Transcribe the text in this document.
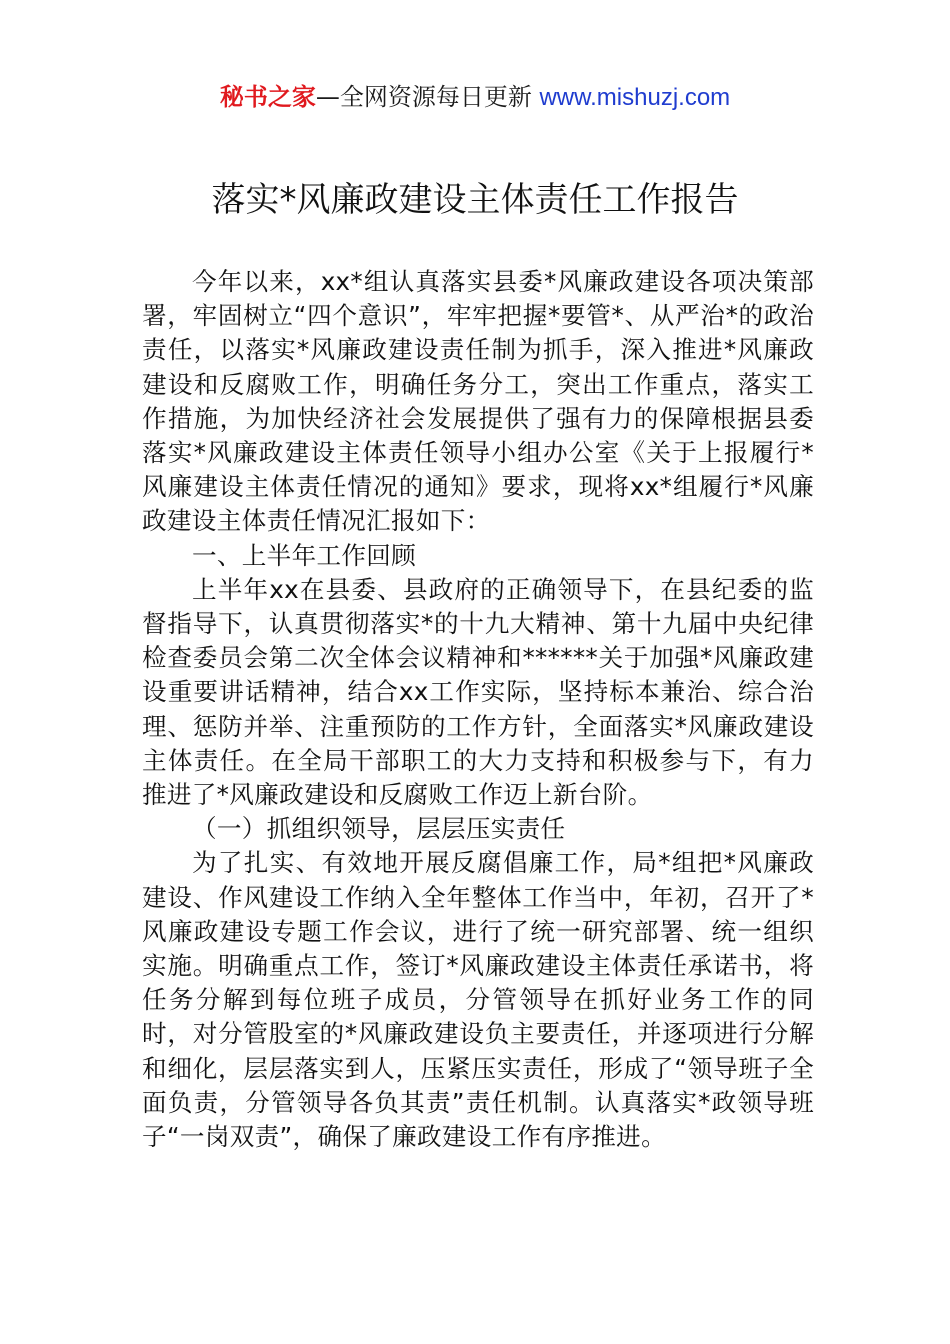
秘书之家—全网资源每日更新 www.mishuzj.com
落实*风廉政建设主体责任工作报告

今年以来，xx*组认真落实县委*风廉政建设各项决策部署，牢固树立“四个意识”，牢牢把握*要管*、从严治*的政治责任，以落实*风廉政建设责任制为抓手，深入推进*风廉政建设和反腐败工作，明确任务分工，突出工作重点，落实工作措施，为加快经济社会发展提供了强有力的保障根据县委落实*风廉政建设主体责任领导小组办公室《关于上报履行*风廉建设主体责任情况的通知》要求，现将xx*组履行*风廉政建设主体责任情况汇报如下：

一、上半年工作回顾

上半年xx在县委、县政府的正确领导下，在县纪委的监督指导下，认真贯彻落实*的十九大精神、第十九届中央纪律检查委员会第二次全体会议精神和******关于加强*风廉政建设重要讲话精神，结合xx工作实际，坚持标本兼治、综合治理、惩防并举、注重预防的工作方针，全面落实*风廉政建设主体责任。在全局干部职工的大力支持和积极参与下，有力推进了*风廉政建设和反腐败工作迈上新台阶。

（一）抓组织领导，层层压实责任

为了扎实、有效地开展反腐倡廉工作，局*组把*风廉政建设、作风建设工作纳入全年整体工作当中，年初，召开了*风廉政建设专题工作会议，进行了统一研究部署、统一组织实施。明确重点工作，签订*风廉政建设主体责任承诺书，将任务分解到每位班子成员，分管领导在抓好业务工作的同时，对分管股室的*风廉政建设负主要责任，并逐项进行分解和细化，层层落实到人，压紧压实责任，形成了“领导班子全面负责，分管领导各负其责”责任机制。认真落实*政领导班子“一岗双责”，确保了廉政建设工作有序推进。
